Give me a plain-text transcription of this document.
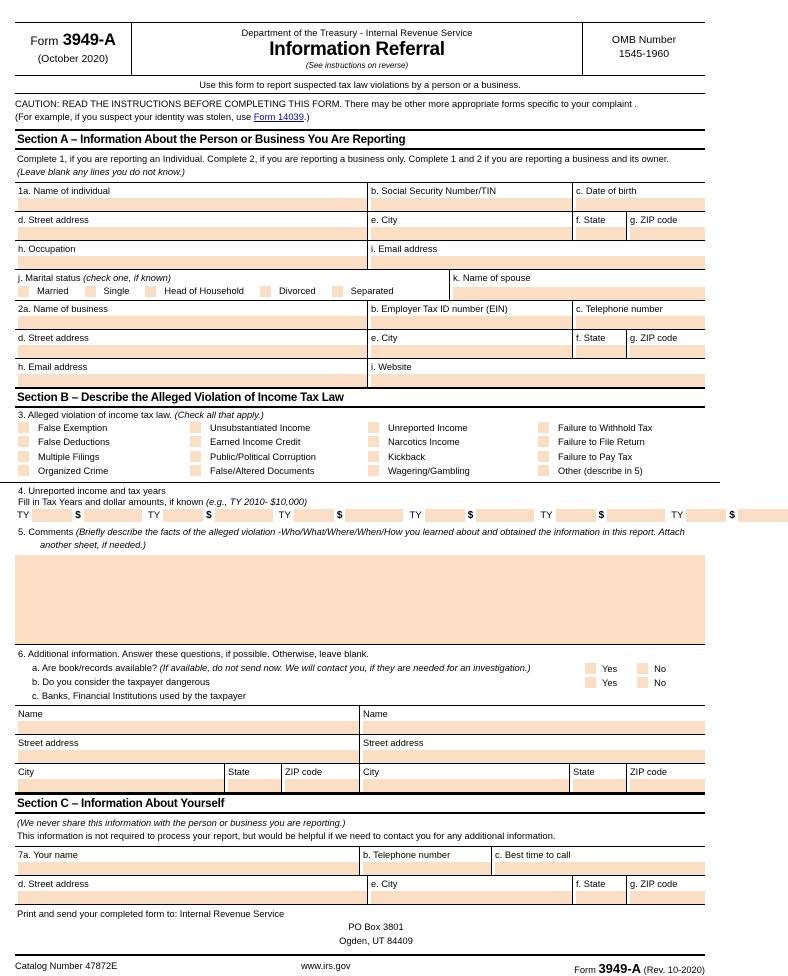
Form 3949-A
(October 2020)
Department of the Treasury - Internal Revenue Service
Information Referral
(See instructions on reverse)
OMB Number
1545-1960
Use this form to report suspected tax law violations by a person or a business.
CAUTION: READ THE INSTRUCTIONS BEFORE COMPLETING THIS FORM. There may be other more appropriate forms specific to your complaint .
(For example, if you suspect your identity was stolen, use Form 14039.)
Section A – Information About the Person or Business You Are Reporting
Complete 1, if you are reporting an Individual. Complete 2, if you are reporting a business only. Complete 1 and 2 if you are reporting a business and its owner.
(Leave blank any lines you do not know.)
1a. Name of individual	b. Social Security Number/TIN	c. Date of birth
d. Street address	e. City	f. State	g. ZIP code
h. Occupation	i. Email address
j. Marital status (check one, if known)
Married	Single	Head of Household	Divorced	Separated
k. Name of spouse
2a. Name of business	b. Employer Tax ID number (EIN)	c. Telephone number
d. Street address	e. City	f. State	g. ZIP code
h. Email address	i. Website
Section B – Describe the Alleged Violation of Income Tax Law
3. Alleged violation of income tax law. (Check all that apply.)
False Exemption
False Deductions
Multiple Filings
Organized Crime
Unsubstantiated Income
Earned Income Credit
Public/Political Corruption
False/Altered Documents
Unreported Income
Narcotics Income
Kickback
Wagering/Gambling
Failure to Withhold Tax
Failure to File Return
Failure to Pay Tax
Other (describe in 5)
4. Unreported income and tax years
Fill in Tax Years and dollar amounts, if known (e.g., TY 2010- $10,000)
TY	$	TY	$	TY	$	TY	$	TY	$	TY	$
5. Comments (Briefly describe the facts of the alleged violation -Who/What/Where/When/How you learned about and obtained the information in this report. Attach
another sheet, if needed.)
6. Additional information. Answer these questions, if possible. Otherwise, leave blank.
a. Are book/records available? (If available, do not send now. We will contact you, if they are needed for an investigation.)	Yes	No
b. Do you consider the taxpayer dangerous	Yes	No
c. Banks, Financial Institutions used by the taxpayer
Name	Name
Street address	Street address
City	State	ZIP code	City	State	ZIP code
Section C – Information About Yourself
(We never share this information with the person or business you are reporting.)
This information is not required to process your report, but would be helpful if we need to contact you for any additional information.
7a. Your name	b. Telephone number	c. Best time to call
d. Street address	e. City	f. State	g. ZIP code
Print and send your completed form to: Internal Revenue Service
PO Box 3801
Ogden, UT 84409
Catalog Number 47872E	www.irs.gov	Form 3949-A (Rev. 10-2020)
